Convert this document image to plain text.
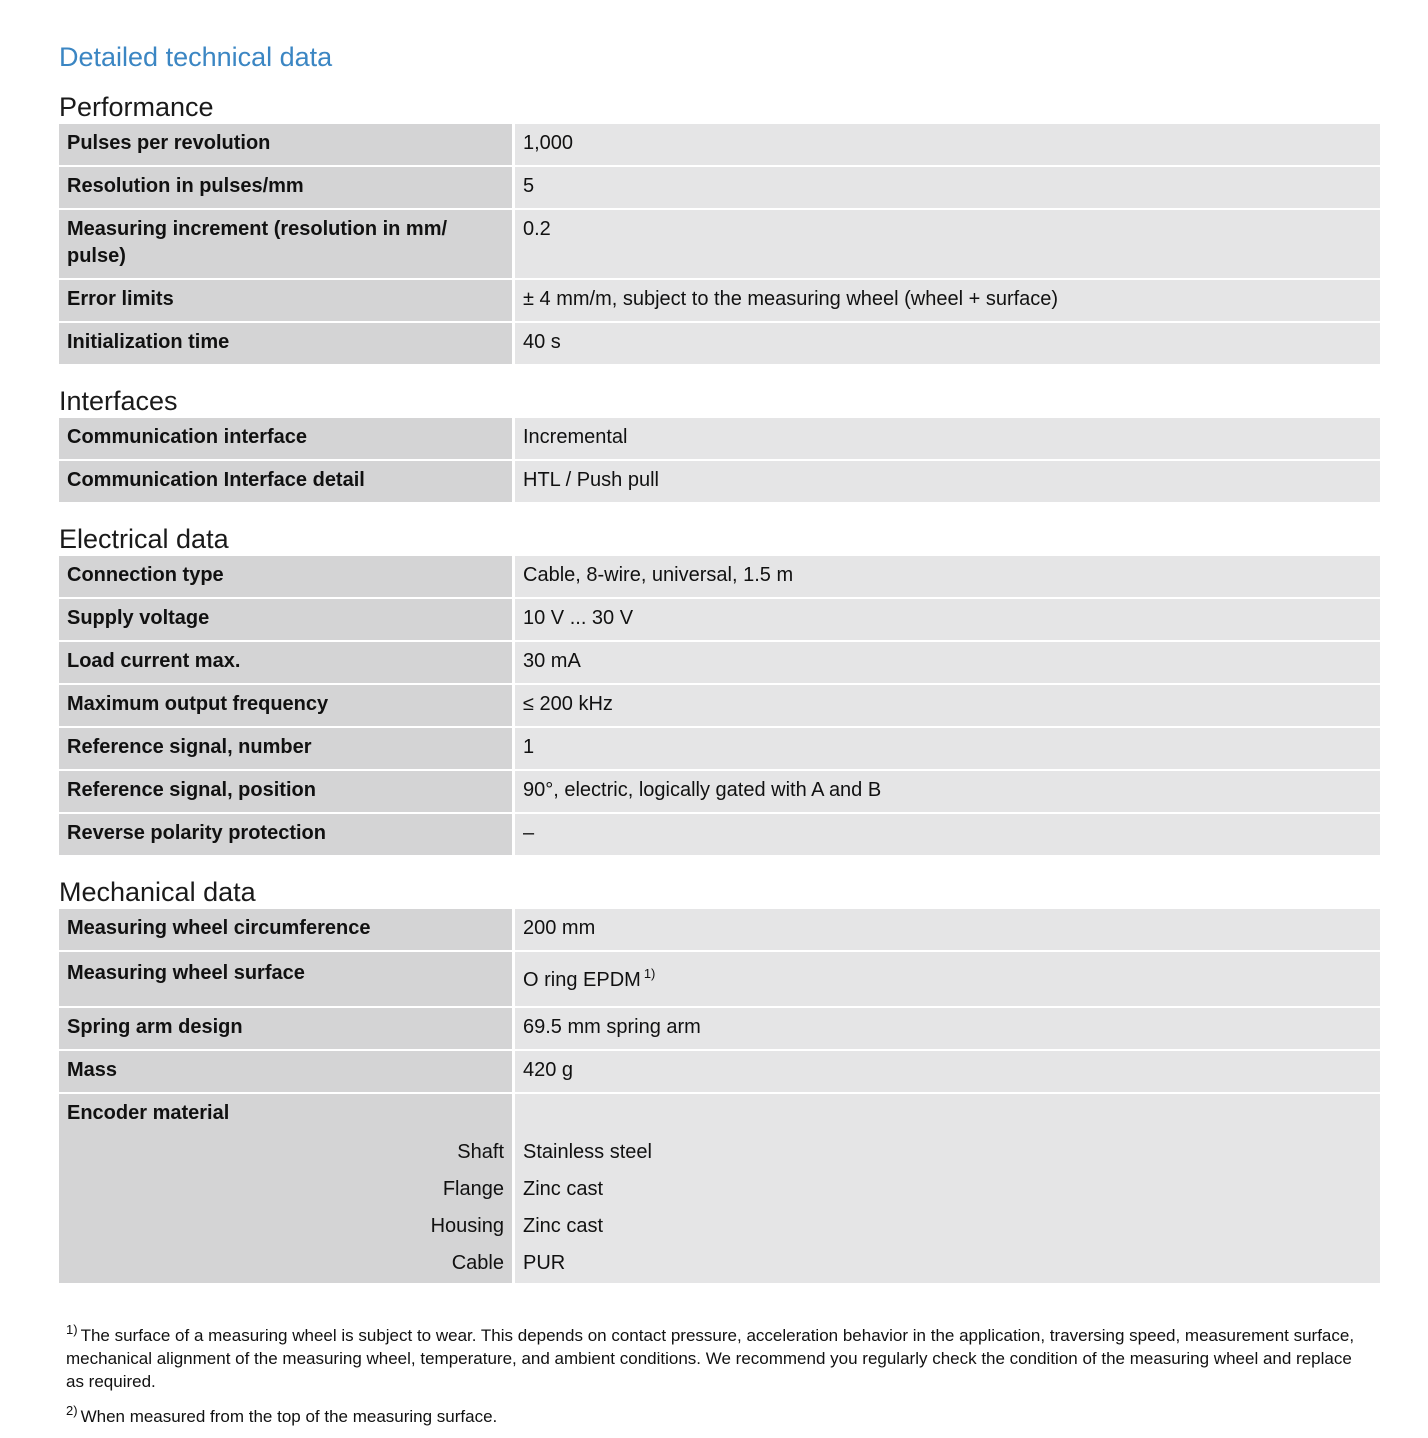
Detailed technical data
Performance
Pulses per revolution	1,000
Resolution in pulses/mm	5
Measuring increment (resolution in mm/ pulse)	0.2
Error limits	± 4 mm/m, subject to the measuring wheel (wheel + surface)
Initialization time	40 s
Interfaces
Communication interface	Incremental
Communication Interface detail	HTL / Push pull
Electrical data
Connection type	Cable, 8-wire, universal, 1.5 m
Supply voltage	10 V ... 30 V
Load current max.	30 mA
Maximum output frequency	≤ 200 kHz
Reference signal, number	1
Reference signal, position	90°, electric, logically gated with A and B
Reverse polarity protection	–
Mechanical data
Measuring wheel circumference	200 mm
Measuring wheel surface	O ring EPDM $^{1)}$
Spring arm design	69.5 mm spring arm
Mass	420 g
Encoder material	
Shaft	Stainless steel
Flange	Zinc cast
Housing	Zinc cast
Cable	PUR

$^{1)}$ The surface of a measuring wheel is subject to wear. This depends on contact pressure, acceleration behavior in the application, traversing speed, measurement surface, mechanical alignment of the measuring wheel, temperature, and ambient conditions. We recommend you regularly check the condition of the measuring wheel and replace as required.

$^{2)}$ When measured from the top of the measuring surface.
